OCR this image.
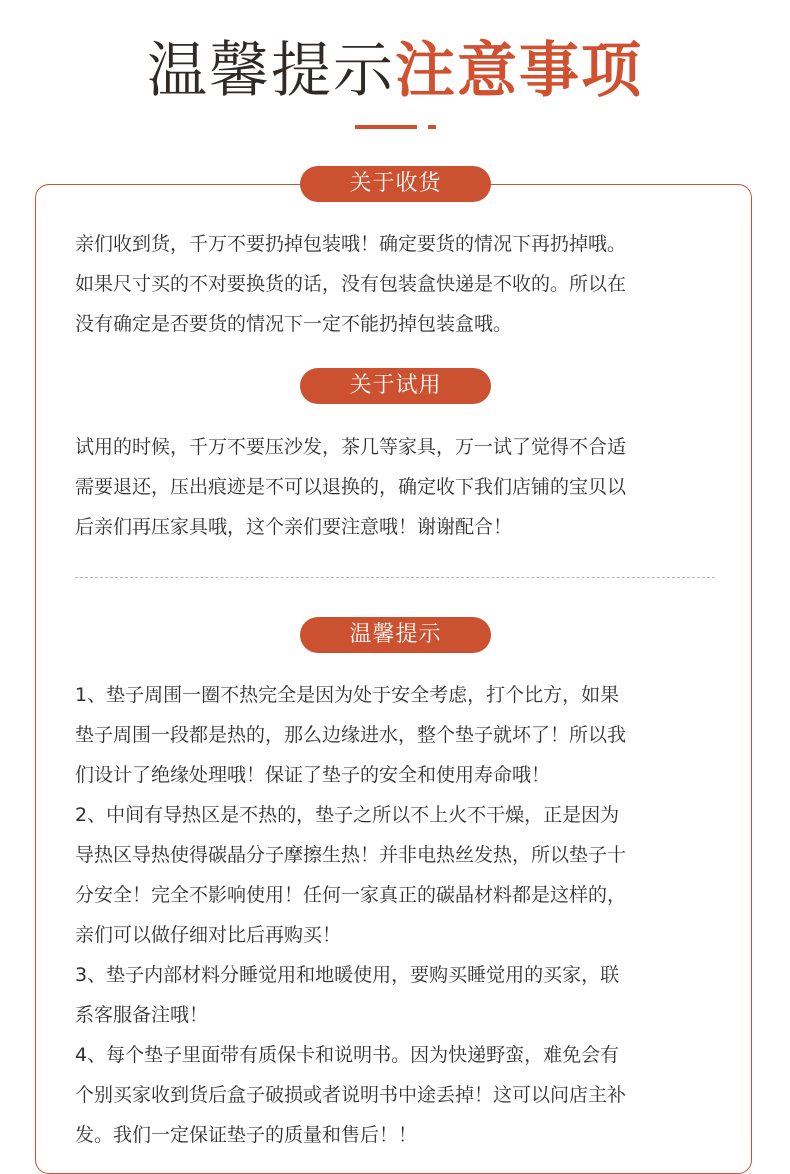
温馨提示注意事项
关于收货
亲们收到货，千万不要扔掉包装哦！确定要货的情况下再扔掉哦。
如果尺寸买的不对要换货的话，没有包装盒快递是不收的。所以在
没有确定是否要货的情况下一定不能扔掉包装盒哦。
关于试用
试用的时候，千万不要压沙发，茶几等家具，万一试了觉得不合适
需要退还，压出痕迹是不可以退换的，确定收下我们店铺的宝贝以
后亲们再压家具哦，这个亲们要注意哦！谢谢配合！
温馨提示
1、垫子周围一圈不热完全是因为处于安全考虑，打个比方，如果
垫子周围一段都是热的，那么边缘进水，整个垫子就坏了！所以我
们设计了绝缘处理哦！保证了垫子的安全和使用寿命哦！
2、中间有导热区是不热的，垫子之所以不上火不干燥，正是因为
导热区导热使得碳晶分子摩擦生热！并非电热丝发热，所以垫子十
分安全！完全不影响使用！任何一家真正的碳晶材料都是这样的，
亲们可以做仔细对比后再购买！
3、垫子内部材料分睡觉用和地暖使用，要购买睡觉用的买家，联
系客服备注哦！
4、每个垫子里面带有质保卡和说明书。因为快递野蛮，难免会有
个别买家收到货后盒子破损或者说明书中途丢掉！这可以问店主补
发。我们一定保证垫子的质量和售后！！
